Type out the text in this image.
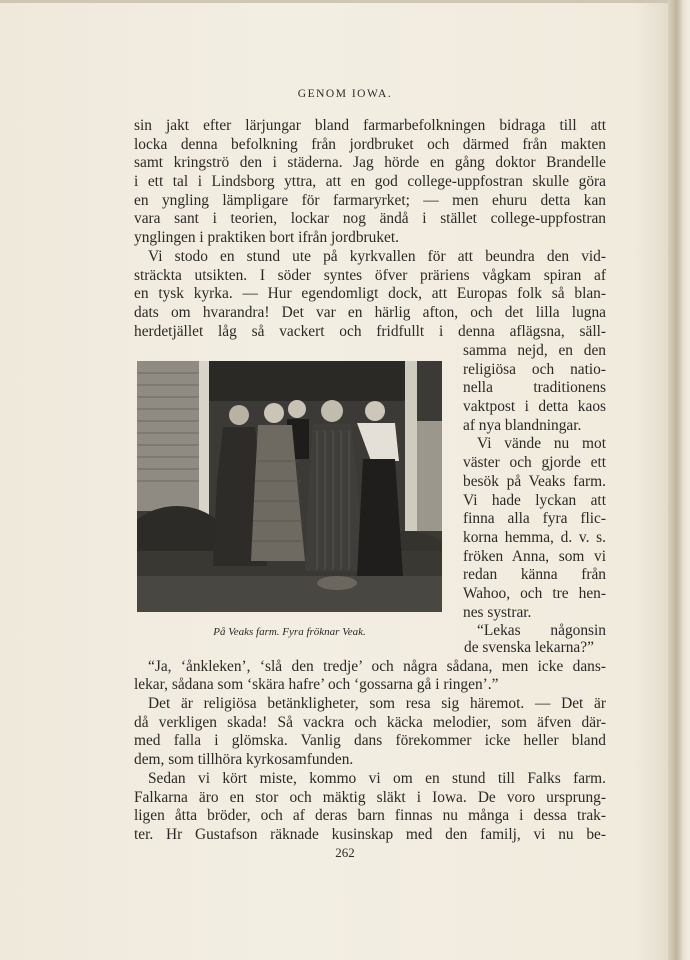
GENOM IOWA.
sin jakt efter lärjungar bland farmarbefolkningen bidraga till att
locka denna befolkning från jordbruket och därmed från makten
samt kringströ den i städerna. Jag hörde en gång doktor Brandelle
i ett tal i Lindsborg yttra, att en god college-uppfostran skulle göra
en yngling lämpligare för farmaryrket; — men ehuru detta kan
vara sant i teorien, lockar nog ändå i stället college-uppfostran
ynglingen i praktiken bort ifrån jordbruket.
Vi stodo en stund ute på kyrkvallen för att beundra den vid-
sträckta utsikten. I söder syntes öfver präriens vågkam spiran af
en tysk kyrka. — Hur egendomligt dock, att Europas folk så blan-
dats om hvarandra! Det var en härlig afton, och det lilla lugna
herdetjället låg så vackert och fridfullt i denna aflägsna, säll-
samma nejd, en den
religiösa och natio-
nella traditionens
vaktpost i detta kaos
af nya blandningar.
Vi vände nu mot
väster och gjorde ett
besök på Veaks farm.
Vi hade lyckan att
finna alla fyra flic-
korna hemma, d. v. s.
fröken Anna, som vi
redan känna från
Wahoo, och tre hen-
nes systrar.
“Lekas någonsin
På Veaks farm. Fyra fröknar Veak.
de svenska lekarna?”
“Ja, ‘ånkleken’, ‘slå den tredje’ och några sådana, men icke dans-
lekar, sådana som ‘skära hafre’ och ‘gossarna gå i ringen’.”
Det är religiösa betänkligheter, som resa sig häremot. — Det är
då verkligen skada! Så vackra och käcka melodier, som äfven där-
med falla i glömska. Vanlig dans förekommer icke heller bland
dem, som tillhöra kyrkosamfunden.
Sedan vi kört miste, kommo vi om en stund till Falks farm.
Falkarna äro en stor och mäktig släkt i Iowa. De voro ursprung-
ligen åtta bröder, och af deras barn finnas nu många i dessa trak-
ter. Hr Gustafson räknade kusinskap med den familj, vi nu be-
262
